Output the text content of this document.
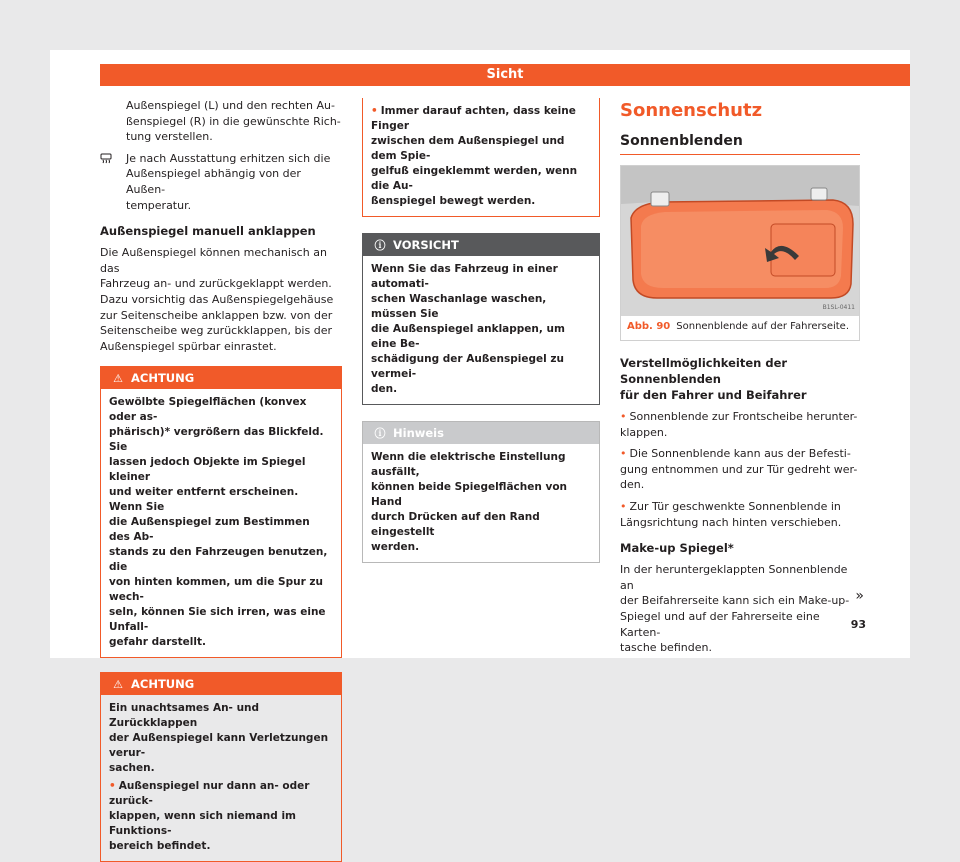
Sicht

Außenspiegel (L) und den rechten Au-

ßenspiegel (R) in die gewünschte Rich-

tung verstellen.

Je nach Ausstattung erhitzen sich die

Außenspiegel abhängig von der Außen-

temperatur.

Außenspiegel manuell anklappen

Die Außenspiegel können mechanisch an das

Fahrzeug an- und zurückgeklappt werden.

Dazu vorsichtig das Außenspiegelgehäuse

zur Seitenscheibe anklappen bzw. von der

Seitenscheibe weg zurückklappen, bis der

Außenspiegel spürbar einrastet.

⚠ ACHTUNG

Gewölbte Spiegelflächen (konvex oder as-

phärisch)* vergrößern das Blickfeld. Sie

lassen jedoch Objekte im Spiegel kleiner

und weiter entfernt erscheinen. Wenn Sie

die Außenspiegel zum Bestimmen des Ab-

stands zu den Fahrzeugen benutzen, die

von hinten kommen, um die Spur zu wech-

seln, können Sie sich irren, was eine Unfall-

gefahr darstellt.

⚠ ACHTUNG

Ein unachtsames An- und Zurückklappen

der Außenspiegel kann Verletzungen verur-

sachen.

• Außenspiegel nur dann an- oder zurück-

klappen, wenn sich niemand im Funktions-

bereich befindet.

• Immer darauf achten, dass keine Finger

zwischen dem Außenspiegel und dem Spie-

gelfuß eingeklemmt werden, wenn die Au-

ßenspiegel bewegt werden.

ⓘ VORSICHT

Wenn Sie das Fahrzeug in einer automati-

schen Waschanlage waschen, müssen Sie

die Außenspiegel anklappen, um eine Be-

schädigung der Außenspiegel zu vermei-

den.

ⓘ Hinweis

Wenn die elektrische Einstellung ausfällt,

können beide Spiegelflächen von Hand

durch Drücken auf den Rand eingestellt

werden.

Sonnenschutz

Sonnenblenden

B1SL-0411
Abb. 90 Sonnenblende auf der Fahrerseite.

Verstellmöglichkeiten der Sonnenblenden

für den Fahrer und Beifahrer

• Sonnenblende zur Frontscheibe herunter-

klappen.

• Die Sonnenblende kann aus der Befesti-

gung entnommen und zur Tür gedreht wer-

den.

• Zur Tür geschwenkte Sonnenblende in

Längsrichtung nach hinten verschieben.

Make-up Spiegel*

In der heruntergeklappten Sonnenblende an

der Beifahrerseite kann sich ein Make-up-

Spiegel und auf der Fahrerseite eine Karten-

tasche befinden.

»
93
